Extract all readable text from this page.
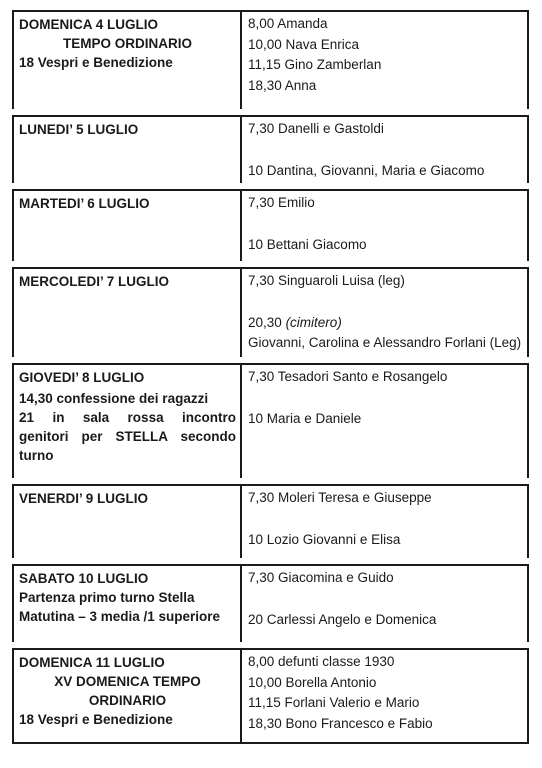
DOMENICA 4 LUGLIO
TEMPO ORDINARIO
18 Vespri e Benedizione	8,00 Amanda
10,00 Nava Enrica
11,15 Gino Zamberlan
18,30 Anna

LUNEDI’ 5 LUGLIO	7,30 Danelli e Gastoldi
10 Dantina, Giovanni, Maria e Giacomo

MARTEDI’ 6 LUGLIO	7,30 Emilio
10 Bettani Giacomo

MERCOLEDI’ 7 LUGLIO	7,30 Singuaroli Luisa (leg)
20,30 (cimitero)
Giovanni, Carolina e Alessandro Forlani (Leg)

GIOVEDI’ 8 LUGLIO
14,30 confessione dei ragazzi
21 in sala rossa incontro
genitori per STELLA secondo
turno	7,30 Tesadori Santo e Rosangelo
10 Maria e Daniele

VENERDI’ 9 LUGLIO	7,30 Moleri Teresa e Giuseppe
10 Lozio Giovanni e Elisa

SABATO 10 LUGLIO
Partenza primo turno Stella
Matutina – 3 media /1 superiore	7,30 Giacomina e Guido
20 Carlessi Angelo e Domenica

DOMENICA 11 LUGLIO
XV DOMENICA TEMPO
ORDINARIO
18 Vespri e Benedizione	8,00 defunti classe 1930
10,00 Borella Antonio
11,15 Forlani Valerio e Mario
18,30 Bono Francesco e Fabio
